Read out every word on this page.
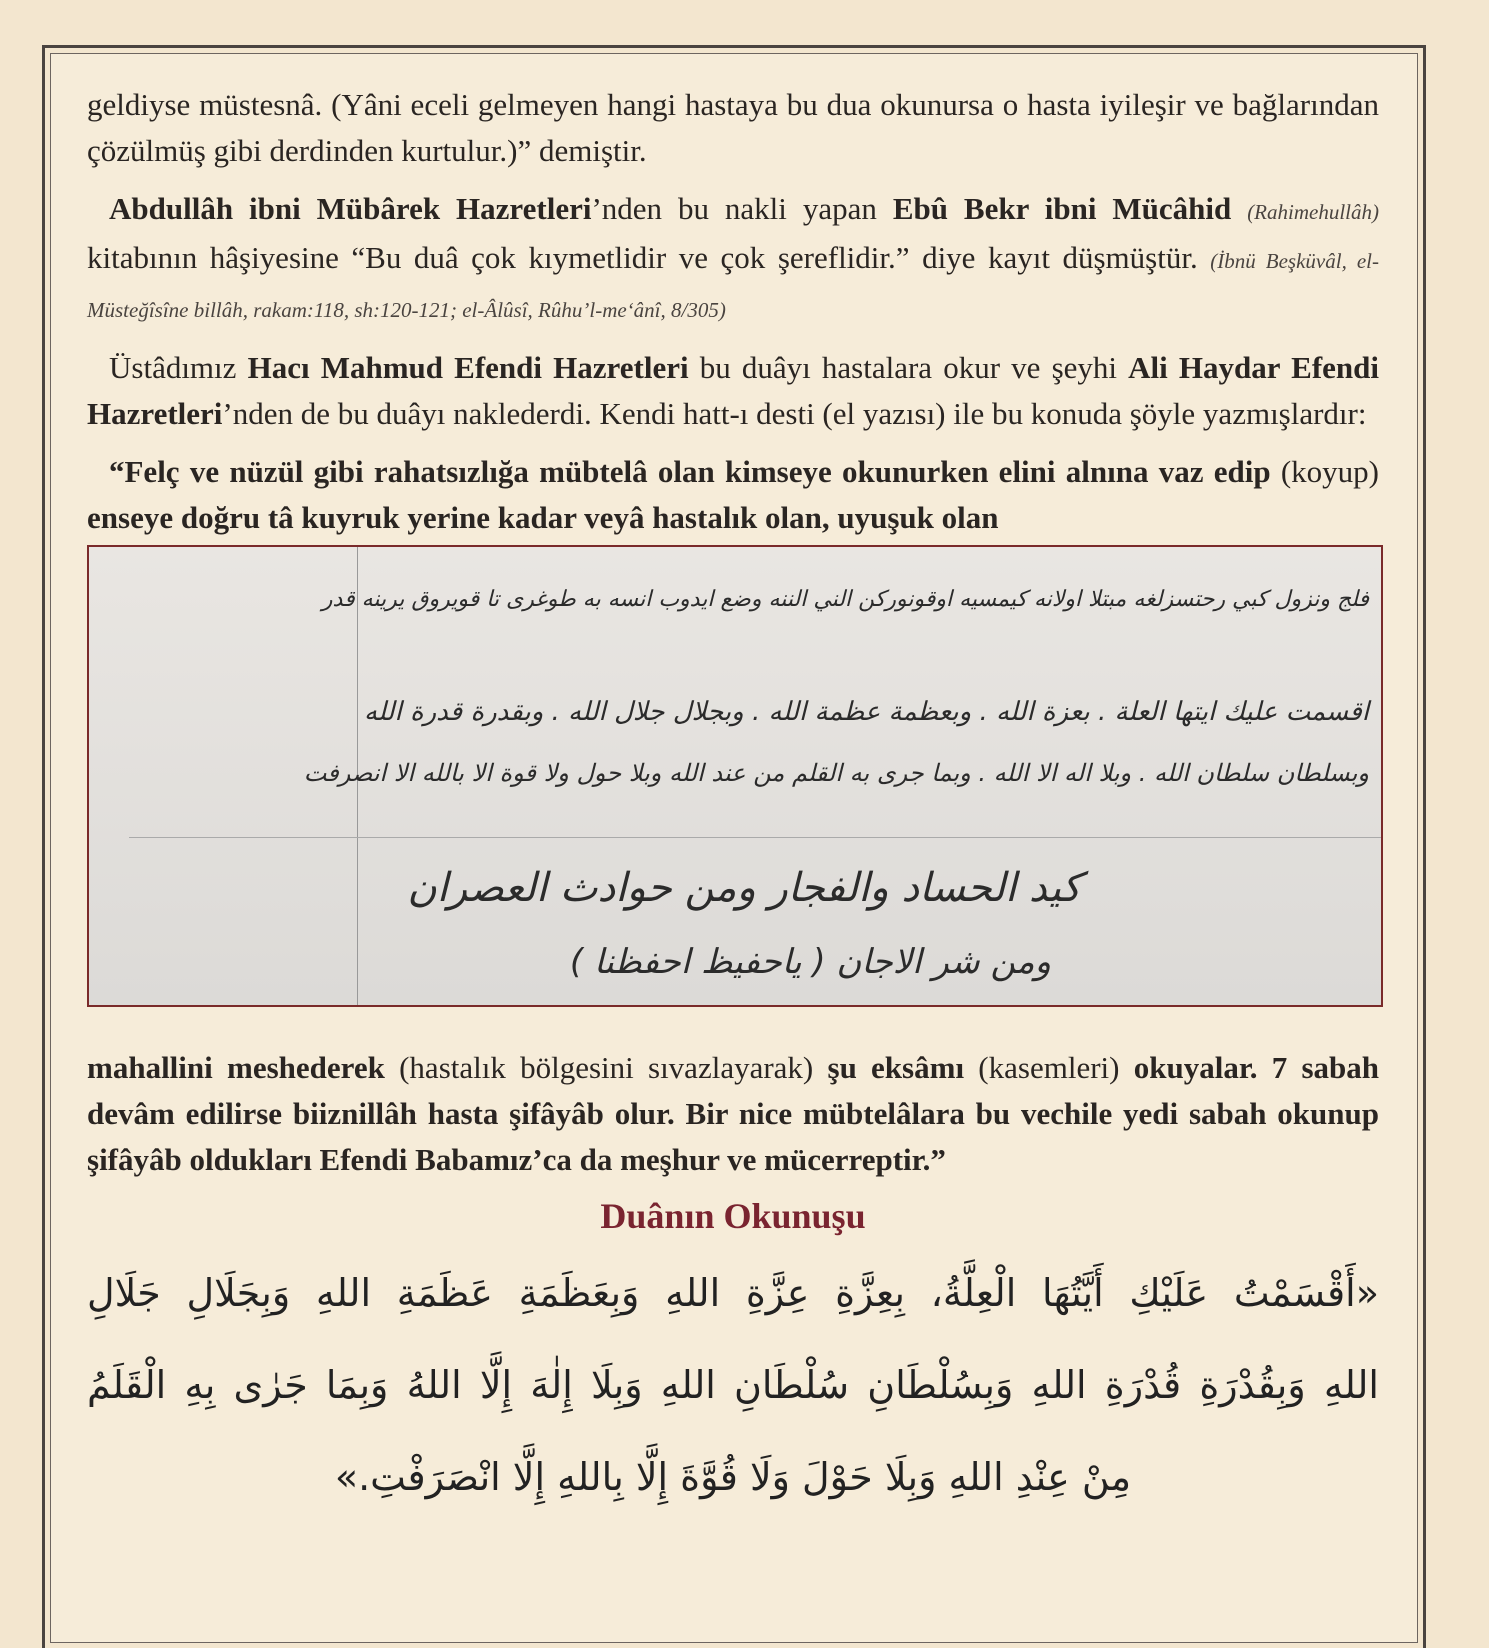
geldiyse müstesnâ. (Yâni eceli gelmeyen hangi hastaya bu dua okunursa o hasta iyileşir ve bağlarından çözülmüş gibi derdinden kurtulur.)” demiştir.

Abdullâh ibni Mübârek Hazretleri’nden bu nakli yapan Ebû Bekr ibni Mücâhid (Rahimehullâh) kitabının hâşiyesine “Bu duâ çok kıymetlidir ve çok şereflidir.” diye kayıt düşmüştür. (İbnü Beşküvâl, el-Müsteğîsîne billâh, rakam:118, sh:120-121; el-Âlûsî, Rûhu’l-me‘ânî, 8/305)

Üstâdımız Hacı Mahmud Efendi Hazretleri bu duâyı hastalara okur ve şeyhi Ali Haydar Efendi Hazretleri’nden de bu duâyı naklederdi. Kendi hatt-ı desti (el yazısı) ile bu konuda şöyle yazmışlardır:

“Felç ve nüzül gibi rahatsızlığa mübtelâ olan kimseye okunurken elini alnına vaz edip (koyup) enseye doğru tâ kuyruk yerine kadar veyâ hastalık olan, uyuşuk olan

فلج ونزول كبي رحتسزلغه مبتلا اولانه كيمسيه اوقونوركن الني الننه وضع ايدوب انسه به طوغرى تا قويروق يرينه قدر
اقسمت عليك ايتها العلة . بعزة الله . وبعظمة عظمة الله . وبجلال جلال الله . وبقدرة قدرة الله
وبسلطان سلطان الله . وبلا اله الا الله . وبما جرى به القلم من عند الله وبلا حول ولا قوة الا بالله الا انصرفت
كيد الحساد والفجار ومن حوادث العصران
ومن شر الاجان ( ياحفيظ احفظنا )

mahallini meshederek (hastalık bölgesini sıvazlayarak) şu eksâmı (kasemleri) okuyalar. 7 sabah devâm edilirse biiznillâh hasta şifâyâb olur. Bir nice mübtelâlara bu vechile yedi sabah okunup şifâyâb oldukları Efendi Babamız’ca da meşhur ve mücerreptir.”

Duânın Okunuşu

«أَقْسَمْتُ عَلَيْكِ أَيَّتُهَا الْعِلَّةُ، بِعِزَّةِ عِزَّةِ اللهِ وَبِعَظَمَةِ عَظَمَةِ اللهِ وَبِجَلَالِ جَلَالِ

اللهِ وَبِقُدْرَةِ قُدْرَةِ اللهِ وَبِسُلْطَانِ سُلْطَانِ اللهِ وَبِلَا إِلٰهَ إِلَّا اللهُ وَبِمَا جَرٰى بِهِ الْقَلَمُ

مِنْ عِنْدِ اللهِ وَبِلَا حَوْلَ وَلَا قُوَّةَ إِلَّا بِاللهِ إِلَّا انْصَرَفْتِ.»
